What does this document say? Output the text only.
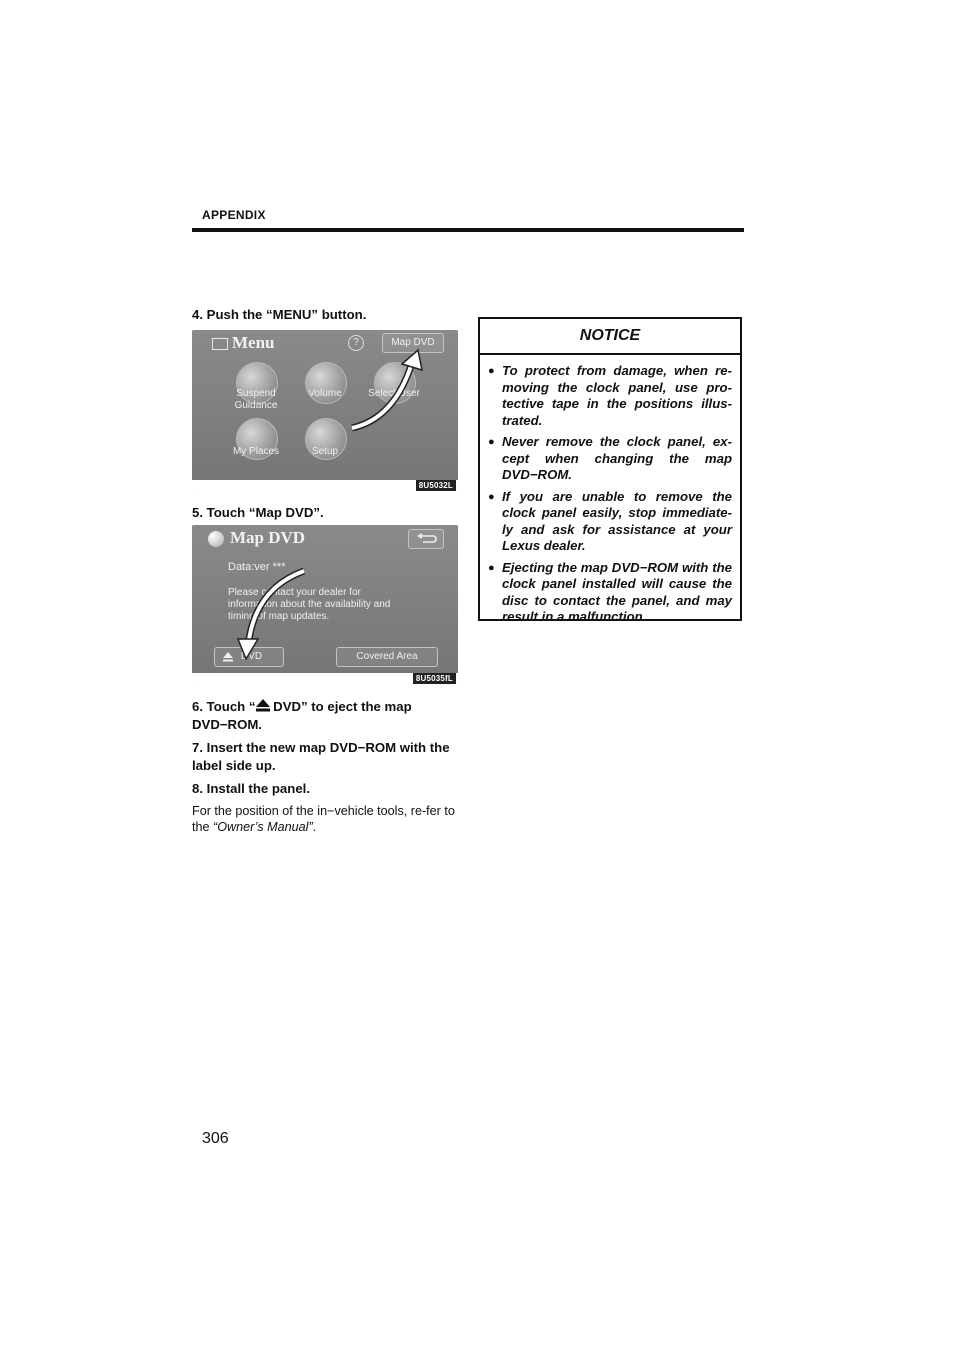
APPENDIX

4. Push the “MENU” button.

Menu	?	Map DVD
Suspend
Guidance
Volume	Select User
My Places	Setup
8U5032L

5. Touch “Map DVD”.

Map DVD
Data:ver ***
Please contact your dealer for information about the availability and timing of map updates.
DVD	Covered Area
8U5035fL

6. Touch “ DVD” to eject the map DVD−ROM.

7. Insert the new map DVD−ROM with the label side up.

8. Install the panel.

For the position of the in−vehicle tools, re-fer to the “Owner’s Manual”.

NOTICE
● To protect from damage, when re-moving the clock panel, use pro-tective tape in the positions illus-trated.
● Never remove the clock panel, ex-cept when changing the map DVD−ROM.
● If you are unable to remove the clock panel easily, stop immediate-ly and ask for assistance at your Lexus dealer.
● Ejecting the map DVD−ROM with the clock panel installed will cause the disc to contact the panel, and may result in a malfunction.
306
